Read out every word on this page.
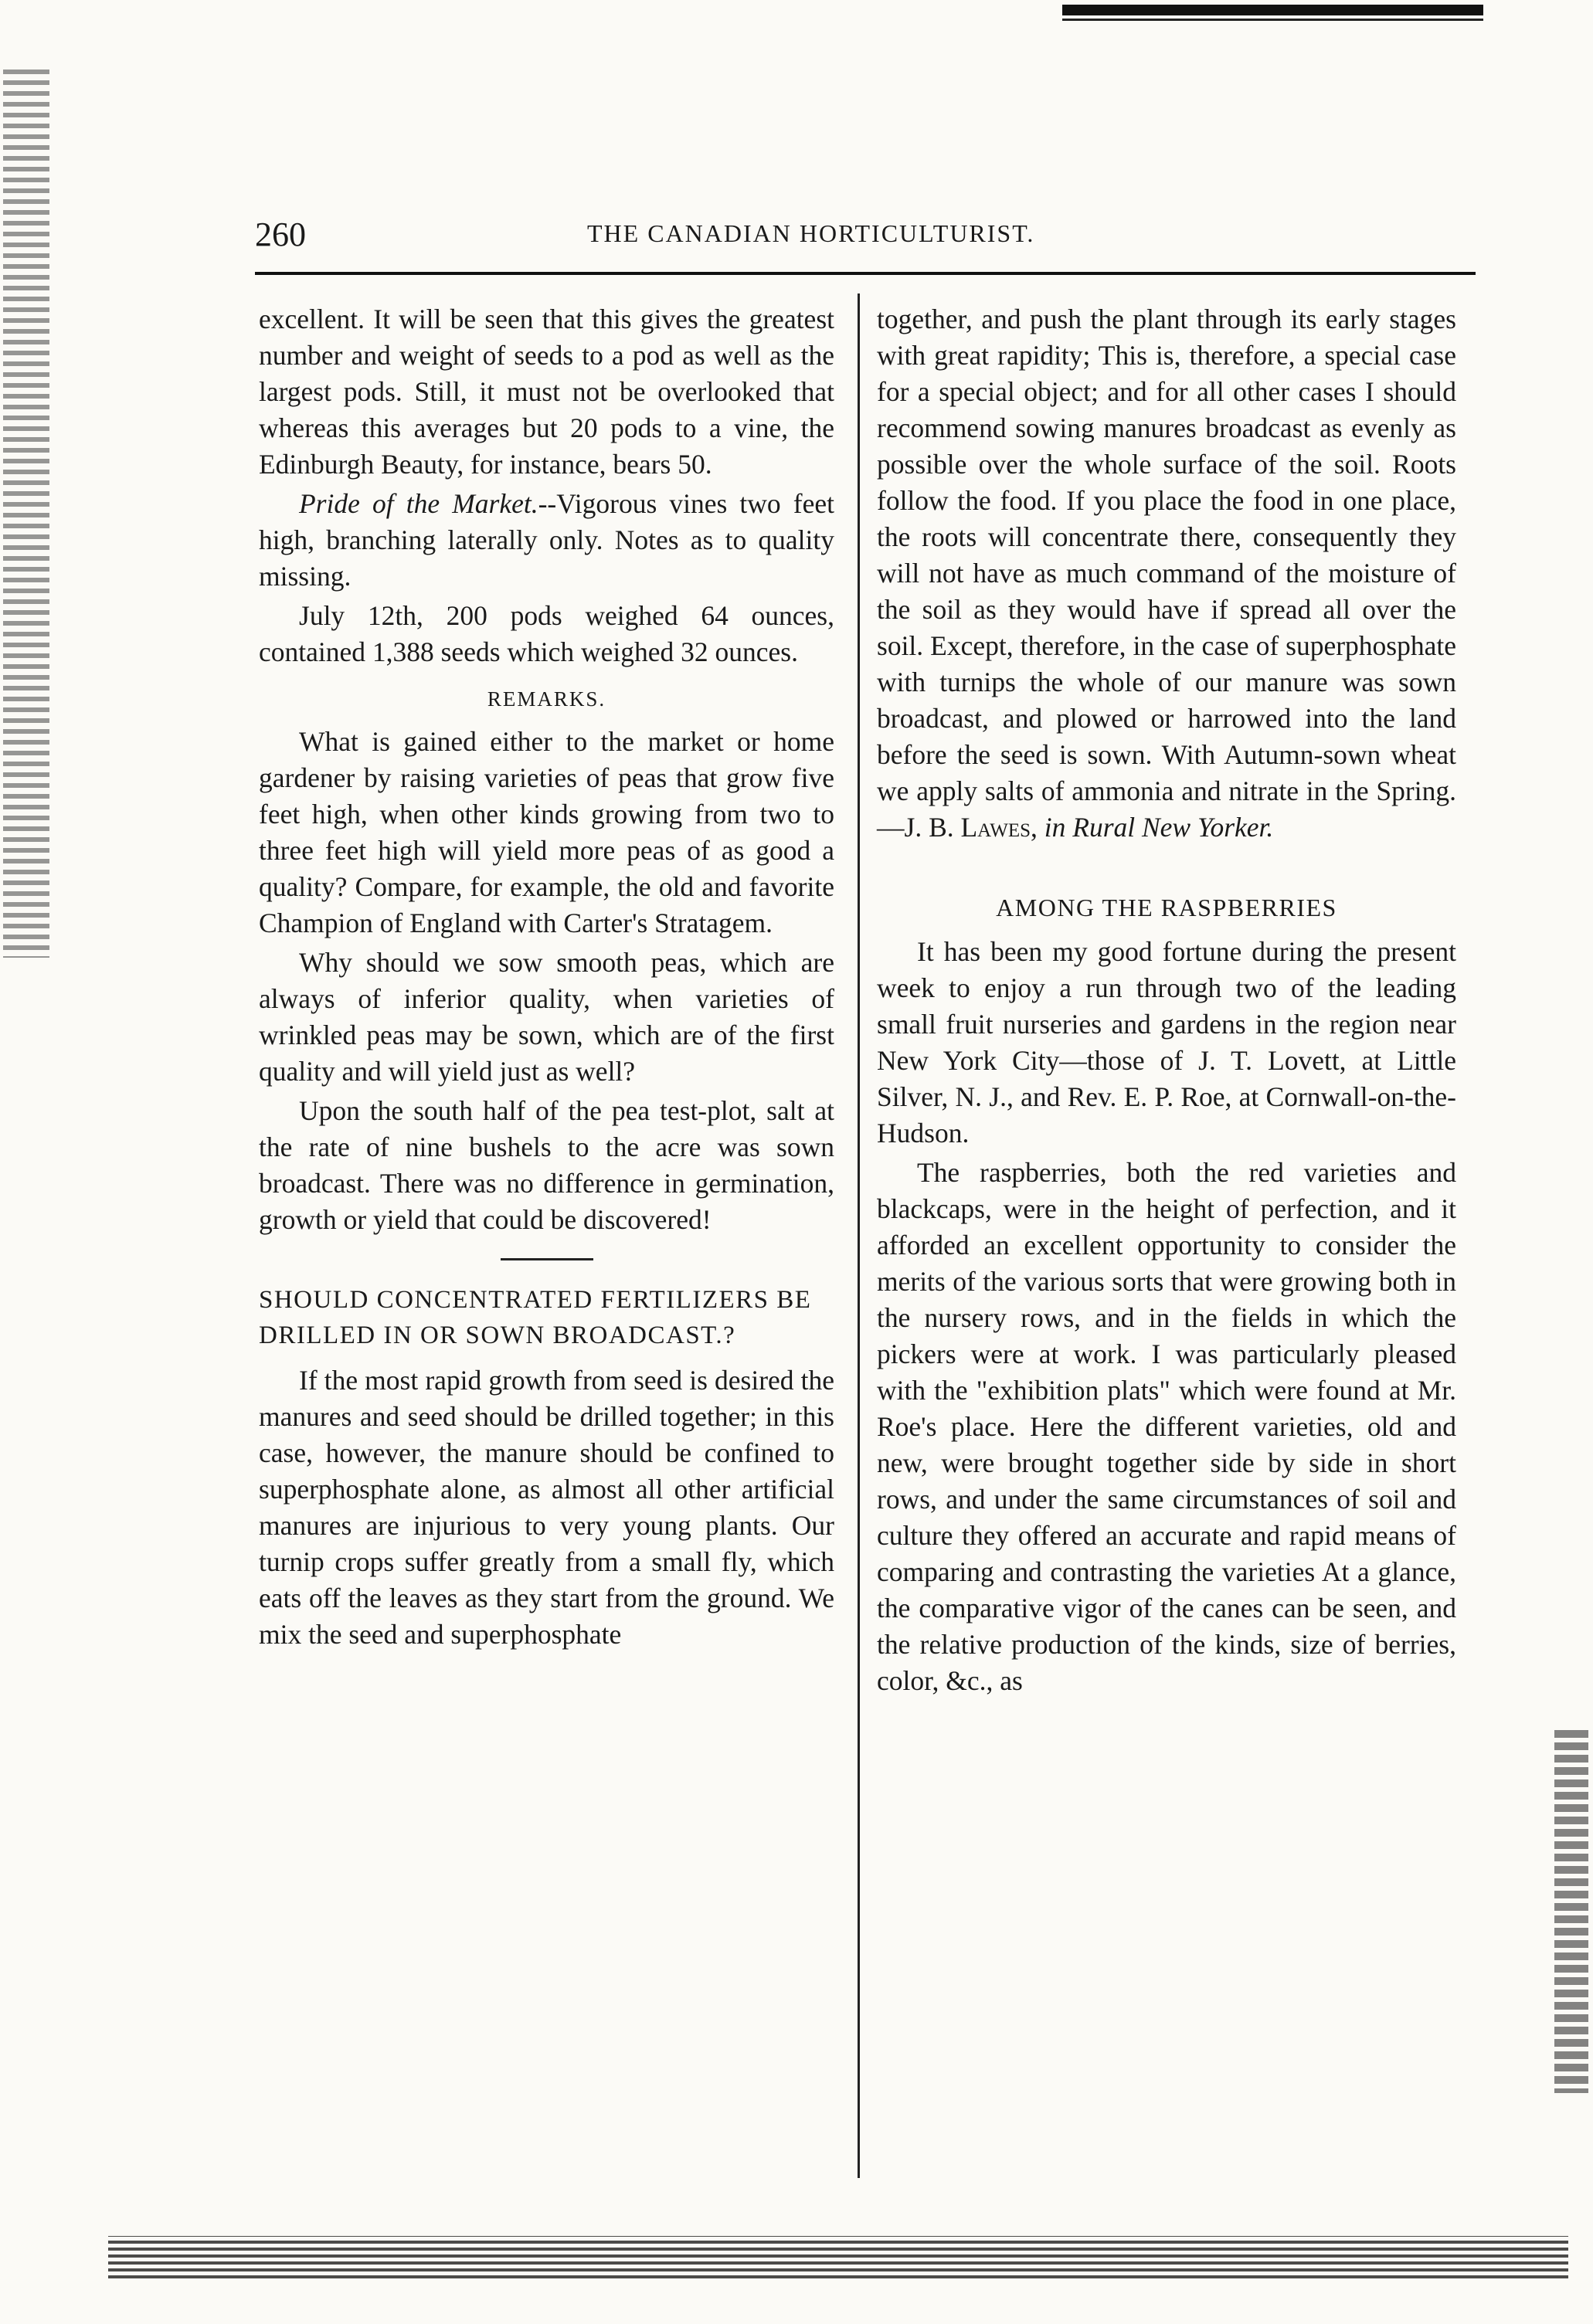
260	THE CANADIAN HORTICULTURIST.

excellent. It will be seen that this gives the greatest number and weight of seeds to a pod as well as the largest pods. Still, it must not be overlooked that whereas this averages but 20 pods to a vine, the Edinburgh Beauty, for instance, bears 50.

Pride of the Market.--Vigorous vines two feet high, branching laterally only. Notes as to quality missing.

July 12th, 200 pods weighed 64 ounces, contained 1,388 seeds which weighed 32 ounces.

REMARKS.

What is gained either to the market or home gardener by raising varieties of peas that grow five feet high, when other kinds growing from two to three feet high will yield more peas of as good a quality? Compare, for example, the old and favorite Champion of England with Carter's Stratagem.

Why should we sow smooth peas, which are always of inferior quality, when varieties of wrinkled peas may be sown, which are of the first quality and will yield just as well?

Upon the south half of the pea test-plot, salt at the rate of nine bushels to the acre was sown broadcast. There was no difference in germination, growth or yield that could be discovered!

SHOULD CONCENTRATED FERTILIZERS BE DRILLED IN OR SOWN BROADCAST.?

If the most rapid growth from seed is desired the manures and seed should be drilled together; in this case, however, the manure should be confined to superphosphate alone, as almost all other artificial manures are injurious to very young plants. Our turnip crops suffer greatly from a small fly, which eats off the leaves as they start from the ground. We mix the seed and superphosphate

together, and push the plant through its early stages with great rapidity; This is, therefore, a special case for a special object; and for all other cases I should recommend sowing manures broadcast as evenly as possible over the whole surface of the soil. Roots follow the food. If you place the food in one place, the roots will concentrate there, consequently they will not have as much command of the moisture of the soil as they would have if spread all over the soil. Except, therefore, in the case of superphosphate with turnips the whole of our manure was sown broadcast, and plowed or harrowed into the land before the seed is sown. With Autumn-sown wheat we apply salts of ammonia and nitrate in the Spring.—J. B. Lawes, in Rural New Yorker.

AMONG THE RASPBERRIES

It has been my good fortune during the present week to enjoy a run through two of the leading small fruit nurseries and gardens in the region near New York City—those of J. T. Lovett, at Little Silver, N. J., and Rev. E. P. Roe, at Cornwall-on-the-Hudson.

The raspberries, both the red varieties and blackcaps, were in the height of perfection, and it afforded an excellent opportunity to consider the merits of the various sorts that were growing both in the nursery rows, and in the fields in which the pickers were at work. I was particularly pleased with the "exhibition plats" which were found at Mr. Roe's place. Here the different varieties, old and new, were brought together side by side in short rows, and under the same circumstances of soil and culture they offered an accurate and rapid means of comparing and contrasting the varieties At a glance, the comparative vigor of the canes can be seen, and the relative production of the kinds, size of berries, color, &c., as
